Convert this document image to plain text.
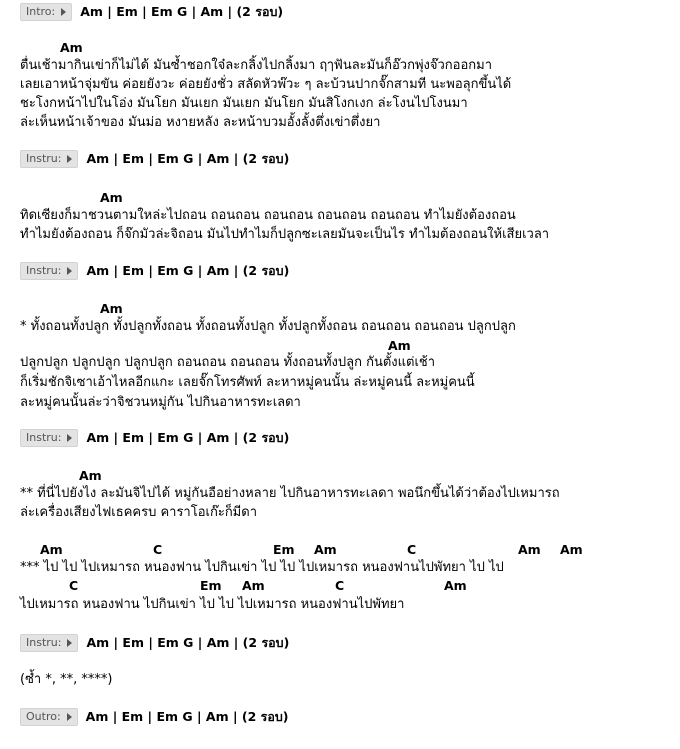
Intro: Am | Em | Em G | Am | (2 รอบ)
Am
ตื่นเช้ามากินเข่าก็ไม่ได้ มันซ้ำชอกใจ๋ละกลิ้งไปกลิ้งมา ฤๅฟันละมันก็อ๊วกพุ่งจ๊วกออกมา
เลยเอาหน้าจุ่มขัน ค่อยยังวะ ค่อยยังชั่ว สลัดหัวพ๊วะ ๆ ละบ้วนปากจั๊กสามที นะพอลุกขึ้นได้
ชะโงกหน้าไปในโอ่ง มันโยก มันเยก มันเยก มันโยก มันสิโงกเงก ล่ะโงนไปโงนมา
ล่ะเห็นหน้าเจ้าของ มันม่อ หงายหลัง ละหน้าบวมอั้งลั้งตึ่งเข่าตึ่งยา
Instru: Am | Em | Em G | Am | (2 รอบ)
Am
ทิดเซียงก็มาชวนตามใหล่ะไปถอน ถอนถอน ถอนถอน ถอนถอน ถอนถอน ทำไมยังต้องถอน
ทำไมยังต้องถอน ก็จ๊กมัวล่ะจิถอน มันไปทำไมก็ปลูกซะเลยมันจะเป็นไร ทำไมต้องถอนให้เสียเวลา
Instru: Am | Em | Em G | Am | (2 รอบ)
Am
* ทั้งถอนทั้งปลูก ทั้งปลูกทั้งถอน ทั้งถอนทั้งปลูก ทั้งปลูกทั้งถอน ถอนถอน ถอนถอน ปลูกปลูก
Am
ปลูกปลูก ปลูกปลูก ปลูกปลูก ถอนถอน ถอนถอน ทั้งถอนทั้งปลูก กันตั้งแต่เช้า
ก็เริ่มชักจิเซาเอ้าไหลอีกแกะ เลยจั๊กโทรศัพท์ ละหาหมู่คนนั้น ล่ะหมู่คนนี้ ละหมู่คนนี้
ละหมู่คนนั้นล่ะว่าจิชวนหมู่กัน ไปกินอาหารทะเลดา
Instru: Am | Em | Em G | Am | (2 รอบ)
Am
** ที่นี่ไปยังไง ละมันจิไปได้ หมู่กันอือย่างหลาย ไปกินอาหารทะเลดา พอนึกขึ้นได้ว่าต้องไปเหมารถ
ล่ะเครื่องเสียงไฟเธคครบ คาราโอเก๊ะก็มีดา
Am	C	Em Am	C	Am Am
*** ไป ไป ไปเหมารถ หนองฟาน ไปกินเข่า ไป ไป ไปเหมารถ หนองฟานไปพัทยา ไป ไป
C	Em Am	C	Am
ไปเหมารถ หนองฟาน ไปกินเข่า ไป ไป ไปเหมารถ หนองฟานไปพัทยา
Instru: Am | Em | Em G | Am | (2 รอบ)
(ซ้ำ *, **, ****)
Outro: Am | Em | Em G | Am | (2 รอบ)
